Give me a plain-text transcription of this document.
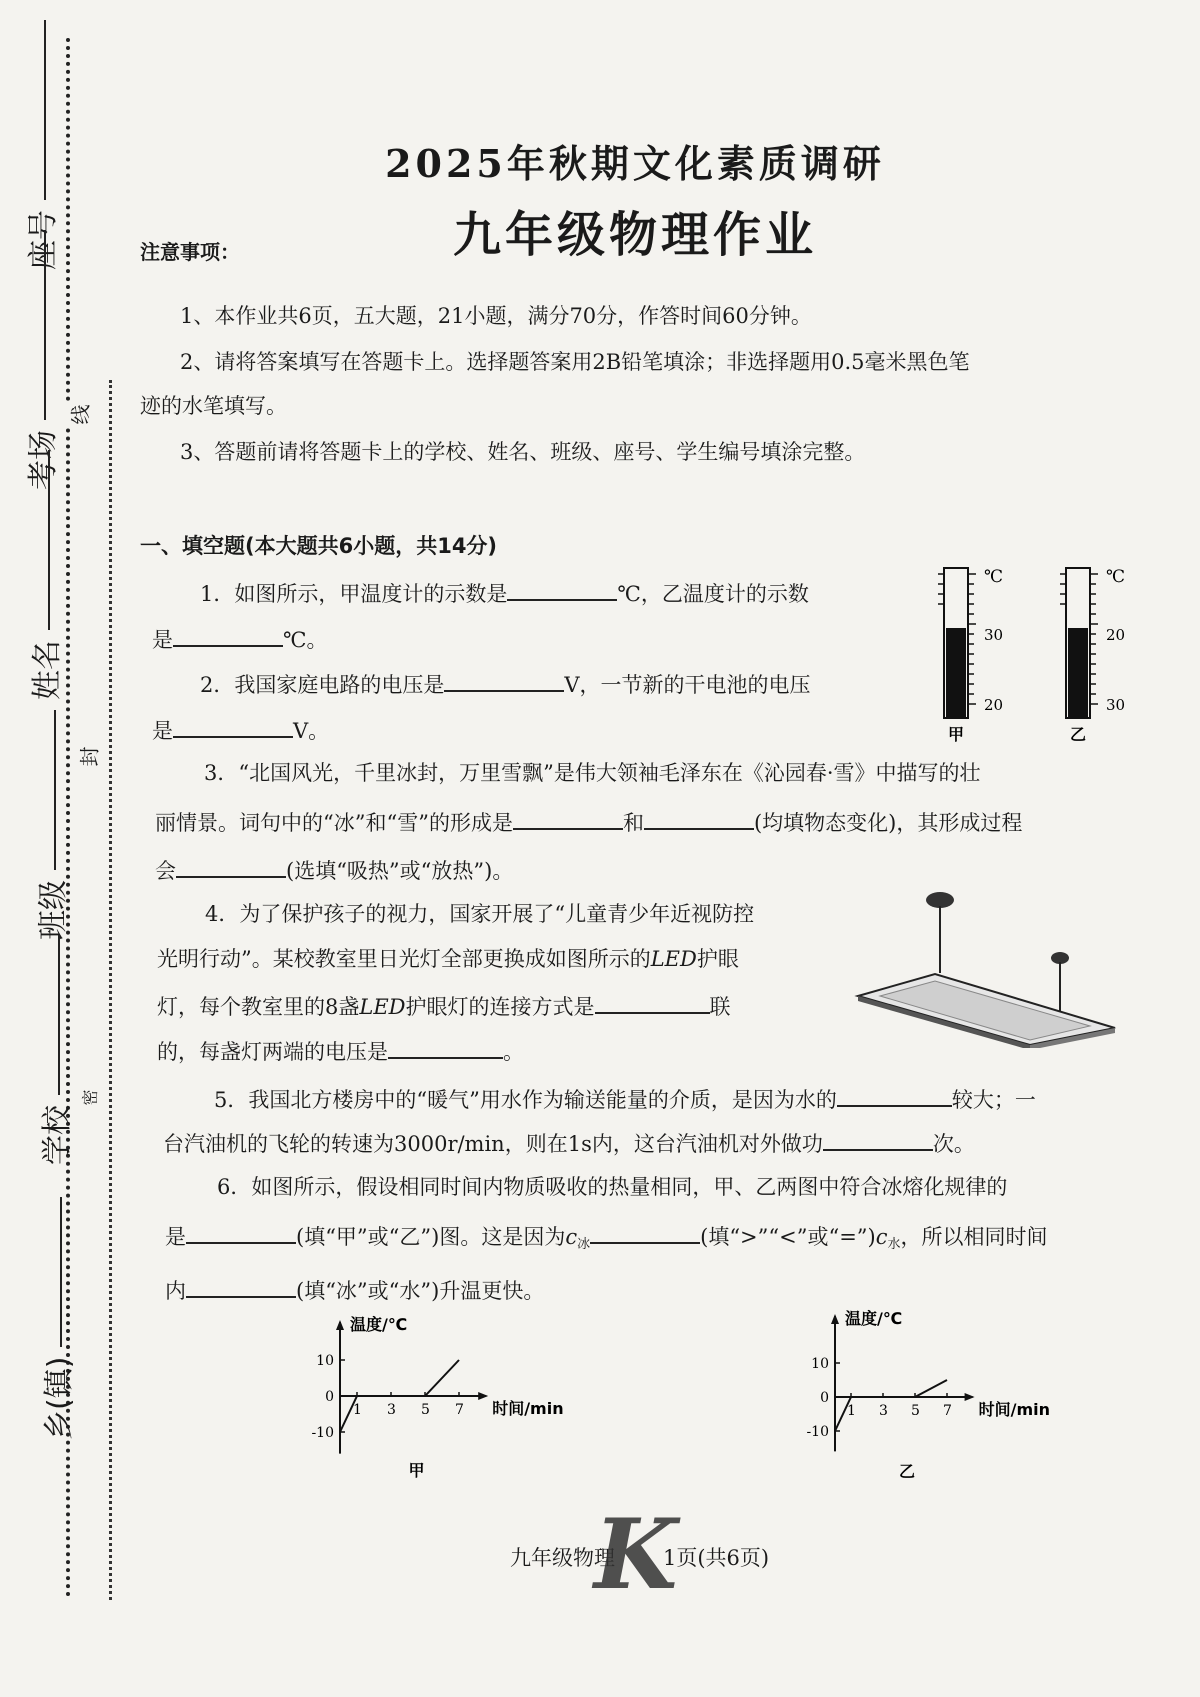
座号
考场
姓名
班级
学校
乡(镇)
线
封
密
2025年秋期文化素质调研
九年级物理作业
注意事项：
1、本作业共6页，五大题，21小题，满分70分，作答时间60分钟。
2、请将答案填写在答题卡上。选择题答案用2B铅笔填涂；非选择题用0.5毫米黑色笔
迹的水笔填写。
3、答题前请将答题卡上的学校、姓名、班级、座号、学生编号填涂完整。
一、填空题(本大题共6小题，共14分)
1．如图所示，甲温度计的示数是	℃，乙温度计的示数
是	℃。
2．我国家庭电路的电压是	V，一节新的干电池的电压
是	V。
℃
30
20
甲
℃
20
30
乙
3．“北国风光，千里冰封，万里雪飘”是伟大领袖毛泽东在《沁园春·雪》中描写的壮
丽情景。词句中的“冰”和“雪”的形成是	和	(均填物态变化)，其形成过程
会	(选填“吸热”或“放热”)。
4．为了保护孩子的视力，国家开展了“儿童青少年近视防控
光明行动”。某校教室里日光灯全部更换成如图所示的LED护眼
灯，每个教室里的8盏LED护眼灯的连接方式是	联
的，每盏灯两端的电压是	。
5．我国北方楼房中的“暖气”用水作为输送能量的介质，是因为水的	较大；一
台汽油机的飞轮的转速为3000r/min，则在1s内，这台汽油机对外做功	次。
6．如图所示，假设相同时间内物质吸收的热量相同，甲、乙两图中符合冰熔化规律的
是	(填“甲”或“乙”)图。这是因为$c_冰$	(填“>”“<”或“$=”)c_水$，所以相同时间
内	(填“冰”或“水”)升温更快。
温度/℃
时间/min
1 3 5 7
10
0
-10
甲
温度/℃
时间/min
1 3 5 7
10
0
-10
乙
九年级物理 1页(共6页)
K
